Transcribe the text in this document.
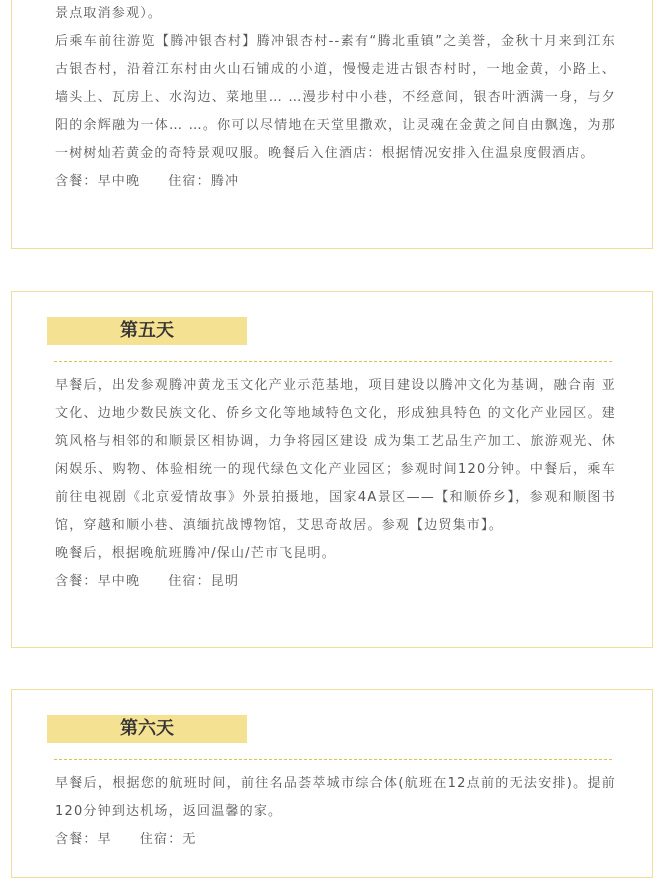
景点取消参观）。

后乘车前往游览【腾冲银杏村】腾冲银杏村--素有“腾北重镇”之美誉，金秋十月来到江东古银杏村，沿着江东村由火山石铺成的小道，慢慢走进古银杏村时，一地金黄，小路上、墙头上、瓦房上、水沟边、菜地里… …漫步村中小巷，不经意间，银杏叶洒满一身，与夕阳的余辉融为一体… …。你可以尽情地在天堂里撒欢，让灵魂在金黄之间自由飘逸，为那一树树灿若黄金的奇特景观叹服。晚餐后入住酒店：根据情况安排入住温泉度假酒店。

含餐：早中晚 住宿：腾冲

第五天

早餐后，出发参观腾冲黄龙玉文化产业示范基地，项目建设以腾冲文化为基调，融合南 亚文化、边地少数民族文化、侨乡文化等地域特色文化，形成独具特色 的文化产业园区。建筑风格与相邻的和顺景区相协调，力争将园区建设 成为集工艺品生产加工、旅游观光、休闲娱乐、购物、体验相统一的现代绿色文化产业园区；参观时间120分钟。中餐后，乘车前往电视剧《北京爱情故事》外景拍摄地，国家4A景区——【和顺侨乡】，参观和顺图书馆，穿越和顺小巷、滇缅抗战博物馆，艾思奇故居。参观【边贸集市】。

晚餐后，根据晚航班腾冲/保山/芒市飞昆明。

含餐：早中晚 住宿：昆明

第六天

早餐后，根据您的航班时间，前往名品荟萃城市综合体(航班在12点前的无法安排)。提前120分钟到达机场，返回温馨的家。

含餐：早 住宿：无
